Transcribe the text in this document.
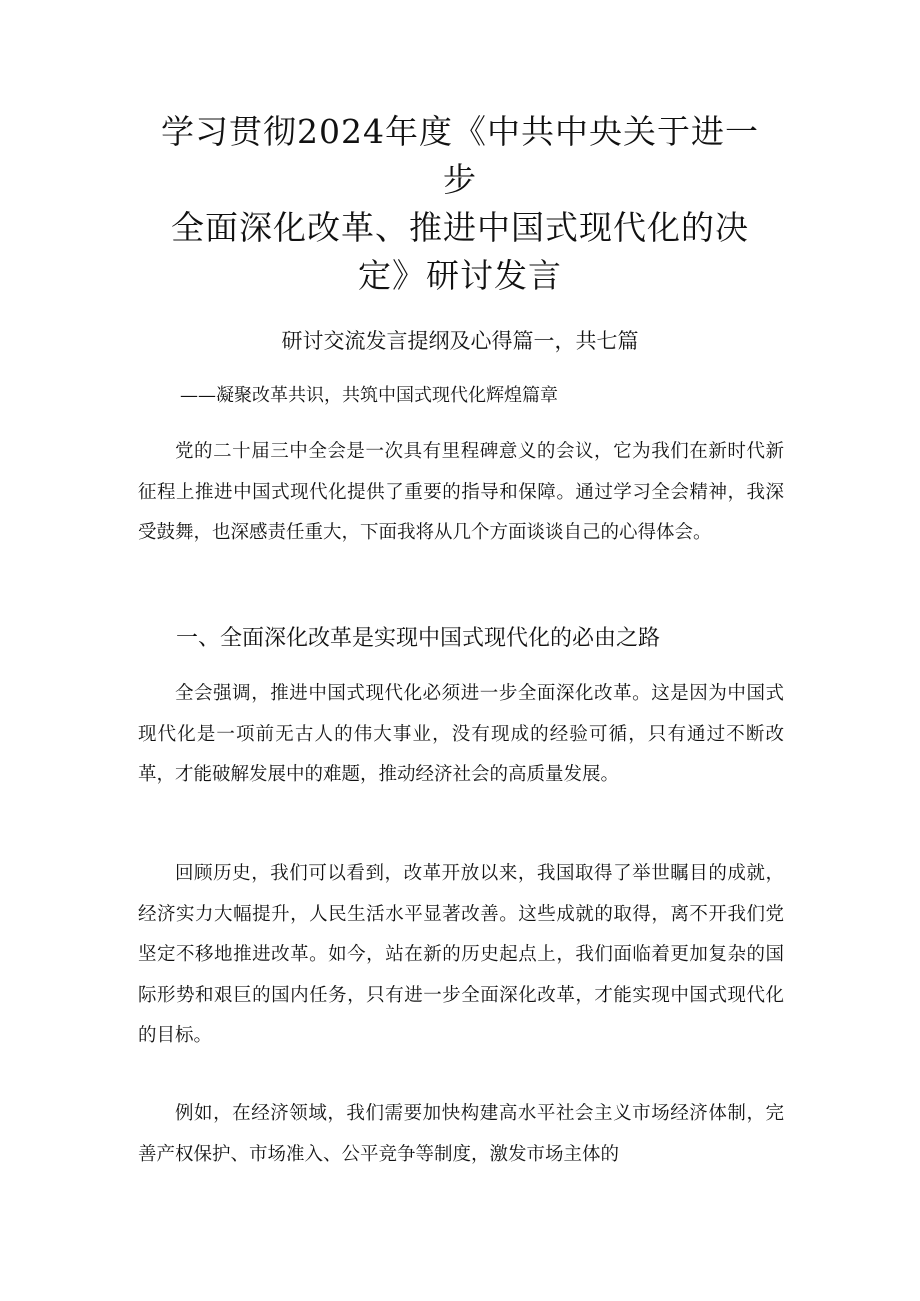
学习贯彻2024年度《中共中央关于进一步
全面深化改革、推进中国式现代化的决
定》研讨发言
研讨交流发言提纲及心得篇一，共七篇

——凝聚改革共识，共筑中国式现代化辉煌篇章

党的二十届三中全会是一次具有里程碑意义的会议，它为我们在新时代新征程上推进中国式现代化提供了重要的指导和保障。通过学习全会精神，我深受鼓舞，也深感责任重大，下面我将从几个方面谈谈自己的心得体会。

一、全面深化改革是实现中国式现代化的必由之路

全会强调，推进中国式现代化必须进一步全面深化改革。这是因为中国式现代化是一项前无古人的伟大事业，没有现成的经验可循，只有通过不断改革，才能破解发展中的难题，推动经济社会的高质量发展。

回顾历史，我们可以看到，改革开放以来，我国取得了举世瞩目的成就，经济实力大幅提升，人民生活水平显著改善。这些成就的取得，离不开我们党坚定不移地推进改革。如今，站在新的历史起点上，我们面临着更加复杂的国际形势和艰巨的国内任务，只有进一步全面深化改革，才能实现中国式现代化的目标。

例如，在经济领域，我们需要加快构建高水平社会主义市场经济体制，完善产权保护、市场准入、公平竞争等制度，激发市场主体的
